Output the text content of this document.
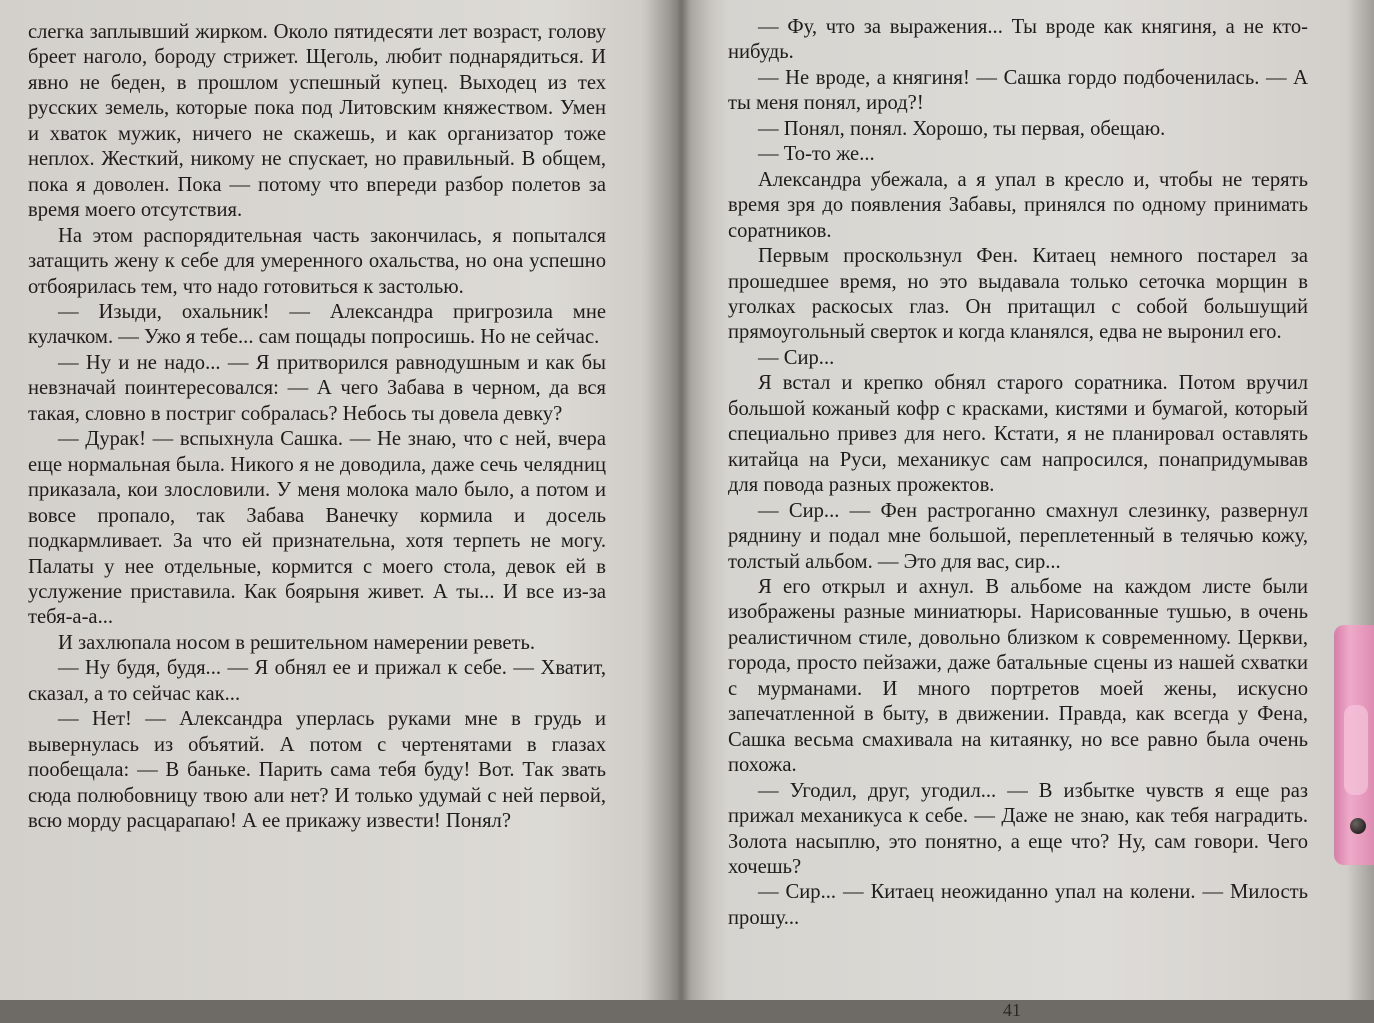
слегка заплывший жирком. Около пятидесяти лет возраст, голову бреет наголо, бороду стрижет. Щеголь, любит поднарядиться. И явно не беден, в прошлом успешный купец. Выходец из тех русских земель, которые пока под Литовским княжеством. Умен и хваток мужик, ничего не скажешь, и как организатор тоже неплох. Жесткий, никому не спускает, но правильный. В общем, пока я доволен. Пока — потому что впереди разбор полетов за время моего отсутствия.

На этом распорядительная часть закончилась, я попытался затащить жену к себе для умеренного охальства, но она успешно отбоярилась тем, что надо готовиться к застолью.

— Изыди, охальник! — Александра пригрозила мне кулачком. — Ужо я тебе... сам пощады попросишь. Но не сейчас.

— Ну и не надо... — Я притворился равнодушным и как бы невзначай поинтересовался: — А чего Забава в черном, да вся такая, словно в постриг собралась? Небось ты довела девку?

— Дурак! — вспыхнула Сашка. — Не знаю, что с ней, вчера еще нормальная была. Никого я не доводила, даже сечь челядниц приказала, кои злословили. У меня молока мало было, а потом и вовсе пропало, так Забава Ванечку кормила и досель подкармливает. За что ей признательна, хотя терпеть не могу. Палаты у нее отдельные, кормится с моего стола, девок ей в услужение приставила. Как боярыня живет. А ты... И все из-за тебя-а-а...

И захлюпала носом в решительном намерении реветь.

— Ну будя, будя... — Я обнял ее и прижал к себе. — Хватит, сказал, а то сейчас как...

— Нет! — Александра уперлась руками мне в грудь и вывернулась из объятий. А потом с чертенятами в глазах пообещала: — В баньке. Парить сама тебя буду! Вот. Так звать сюда полюбовницу твою али нет? И только удумай с ней первой, всю морду расцарапаю! А ее прикажу извести! Понял?

— Фу, что за выражения... Ты вроде как княгиня, а не кто-нибудь.

— Не вроде, а княгиня! — Сашка гордо подбоченилась. — А ты меня понял, ирод?!

— Понял, понял. Хорошо, ты первая, обещаю.

— То-то же...

Александра убежала, а я упал в кресло и, чтобы не терять время зря до появления Забавы, принялся по одному принимать соратников.

Первым проскользнул Фен. Китаец немного постарел за прошедшее время, но это выдавала только сеточка морщин в уголках раскосых глаз. Он притащил с собой большущий прямоугольный сверток и когда кланялся, едва не выронил его.

— Сир...

Я встал и крепко обнял старого соратника. Потом вручил большой кожаный кофр с красками, кистями и бумагой, который специально привез для него. Кстати, я не планировал оставлять китайца на Руси, механикус сам напросился, понапридумывав для повода разных прожектов.

— Сир... — Фен растроганно смахнул слезинку, развернул ряднину и подал мне большой, переплетенный в телячью кожу, толстый альбом. — Это для вас, сир...

Я его открыл и ахнул. В альбоме на каждом листе были изображены разные миниатюры. Нарисованные тушью, в очень реалистичном стиле, довольно близком к современному. Церкви, города, просто пейзажи, даже батальные сцены из нашей схватки с мурманами. И много портретов моей жены, искусно запечатленной в быту, в движении. Правда, как всегда у Фена, Сашка весьма смахивала на китаянку, но все равно была очень похожа.

— Угодил, друг, угодил... — В избытке чувств я еще раз прижал механикуса к себе. — Даже не знаю, как тебя наградить. Золота насыплю, это понятно, а еще что? Ну, сам говори. Чего хочешь?

— Сир... — Китаец неожиданно упал на колени. — Милость прошу...

41
